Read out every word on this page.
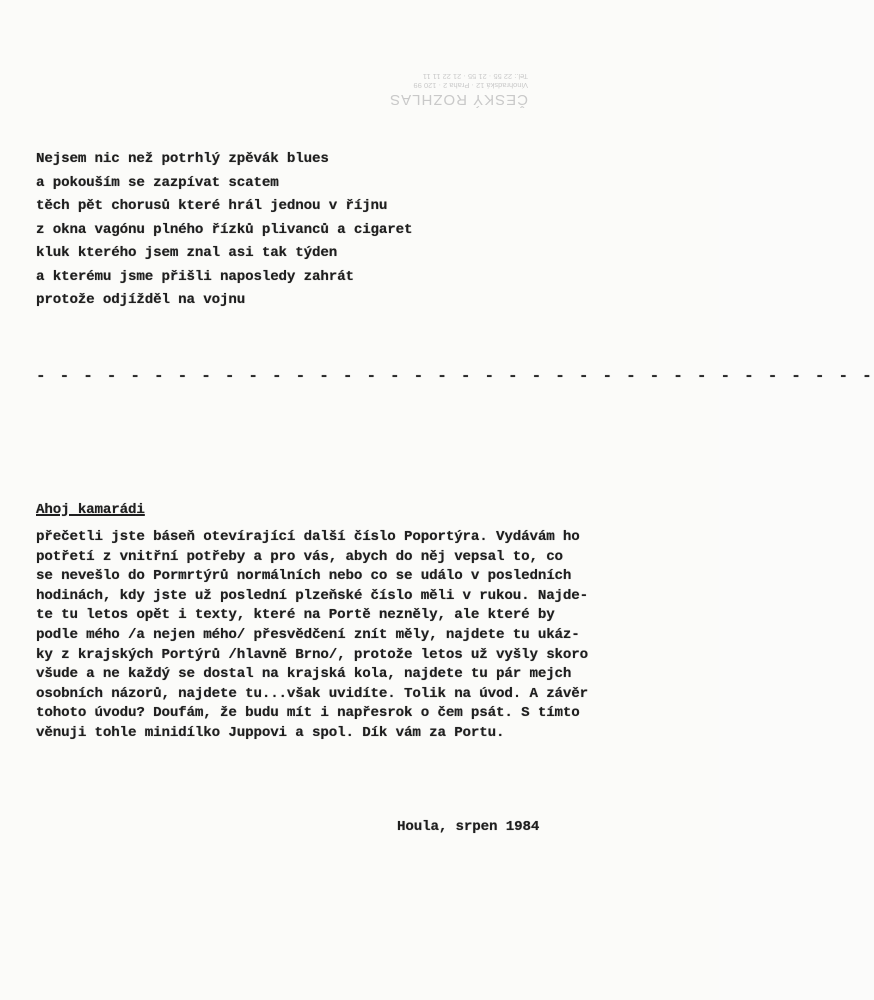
ČESKÝ ROZHLAS
Vinohradská 12 · Praha 2 · 120 99
Tel.: 22 55 · 21 55 · 21 22 11 11
Nejsem nic než potrhlý zpěvák blues
a pokouším se zazpívat scatem
těch pět chorusů které hrál jednou v říjnu
z okna vagónu plného řízků plivanců a cigaret
kluk kterého jsem znal asi tak týden
a kterému jsme přišli naposledy zahrát
protože odjížděl na vojnu
- - - - - - - - - - - - - - - - - - - - - - - - - - - - - - - - - - - -
Ahoj kamarádi
přečetli jste báseň otevírající další číslo Poportýra. Vydávám ho
potřetí z vnitřní potřeby a pro vás, abych do něj vepsal to, co
se nevešlo do Pormrtýrů normálních nebo co se událo v posledních
hodinách, kdy jste už poslední plzeňské číslo měli v rukou. Najde-
te tu letos opět i texty, které na Portě nezněly, ale které by
podle mého /a nejen mého/ přesvědčení znít měly, najdete tu ukáz-
ky z krajských Portýrů /hlavně Brno/, protože letos už vyšly skoro
všude a ne každý se dostal na krajská kola, najdete tu pár mejch
osobních názorů, najdete tu...však uvidíte. Tolik na úvod. A závěr
tohoto úvodu? Doufám, že budu mít i napřesrok o čem psát. S tímto
věnuji tohle minidílko Juppovi a spol. Dík vám za Portu.
Houla, srpen 1984
